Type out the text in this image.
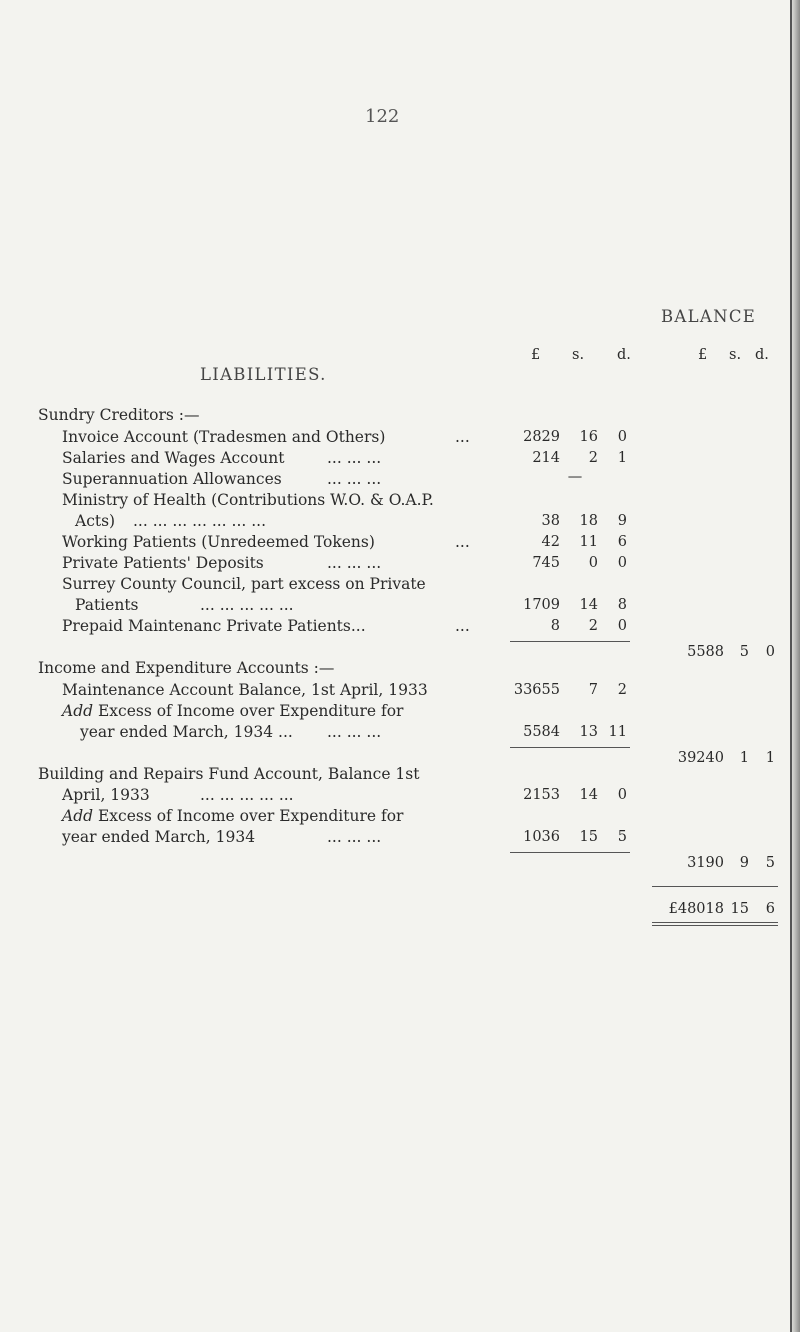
122
BALANCE
LIABILITIES.
£	s.	d.	£	s. d.
Sundry Creditors :—
Invoice Account (Tradesmen and Others)	...	2829	16	0
Salaries and Wages Account	... ... ...	214	2	1
Superannuation Allowances	... ... ...	—
Ministry of Health (Contributions W.O. & O.A.P.
Acts) ... ... ... ... ... ... ...	38	18	9
Working Patients (Unredeemed Tokens)	...	42	11	6
Private Patients' Deposits	... ... ...	745	0	0
Surrey County Council, part excess on Private
Patients	... ... ... ... ...	1709	14	8
Prepaid Maintenanc Private Patients...	...	8	2	0
5588	5	0
Income and Expenditure Accounts :—
Maintenance Account Balance, 1st April, 1933	33655	7	2
Add Excess of Income over Expenditure for
year ended March, 1934 ... ... ... ...	5584	13 11
39240	1	1
Building and Repairs Fund Account, Balance 1st
April, 1933	... ... ... ... ...	2153	14	0
Add Excess of Income over Expenditure for
year ended March, 1934	... ... ...	1036	15	5
3190	9	5
£48018 15	6
